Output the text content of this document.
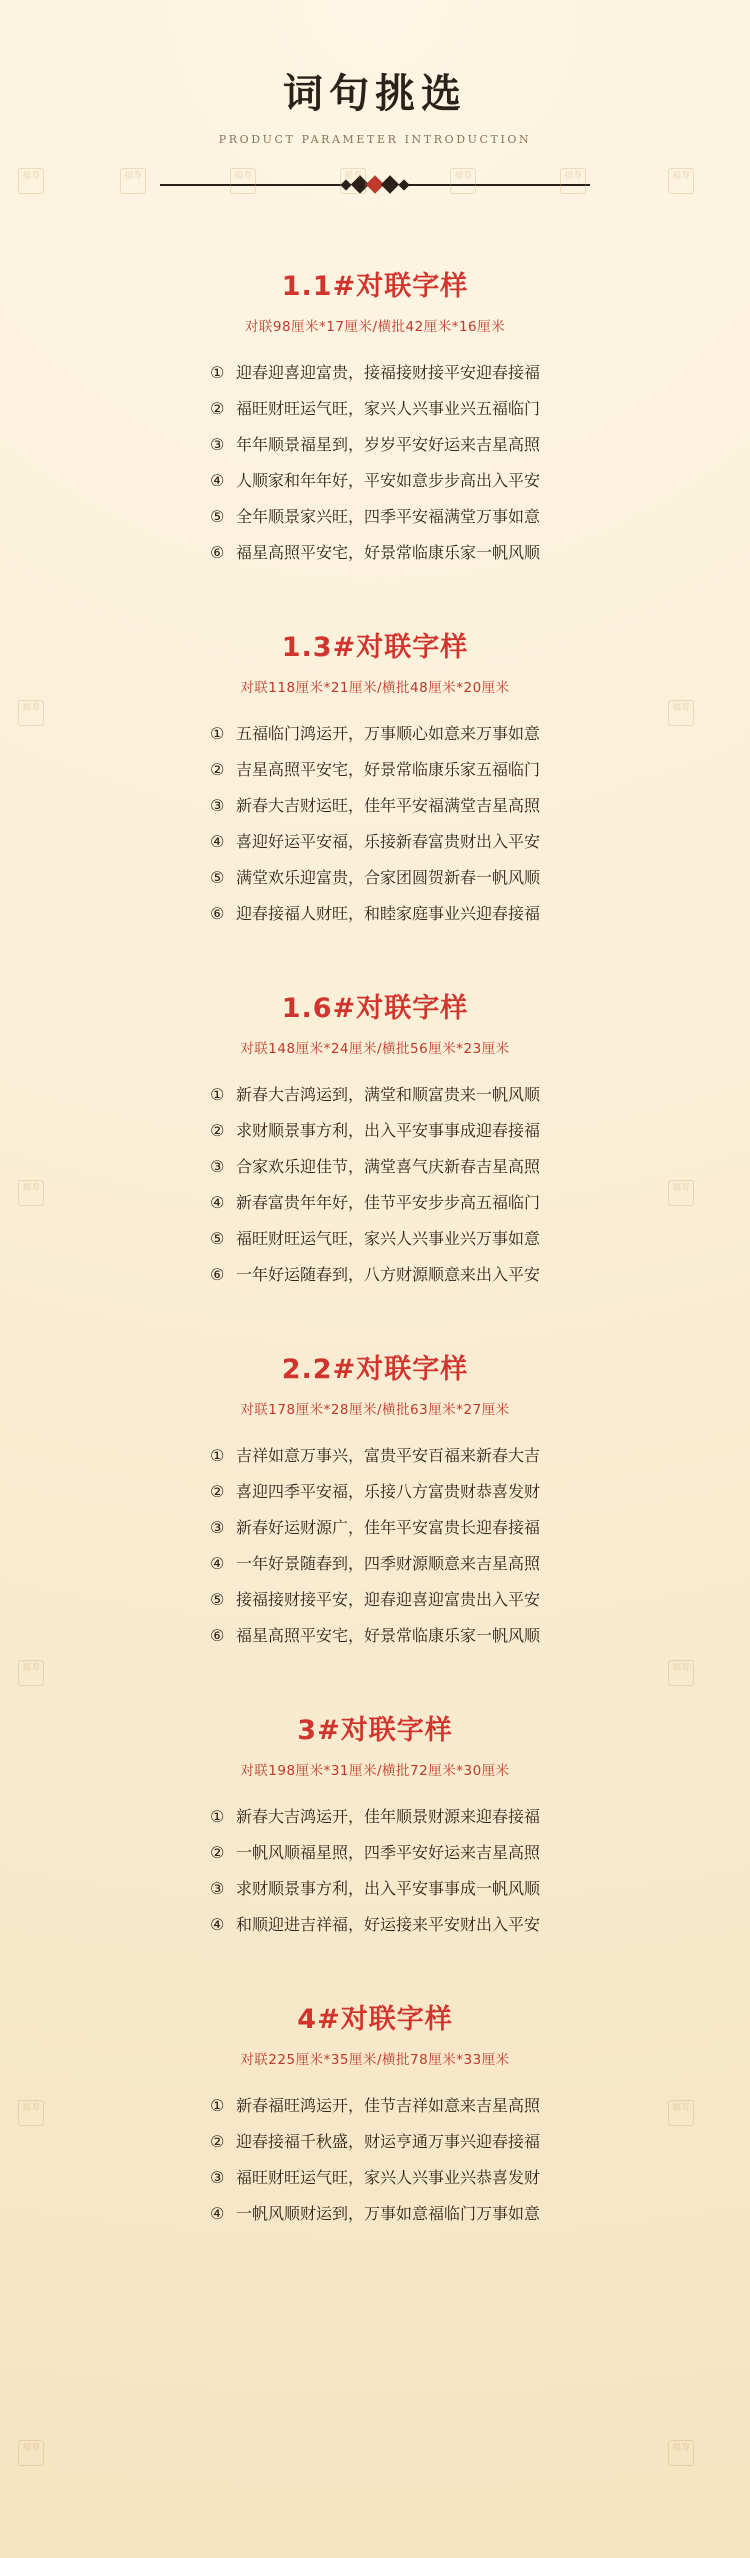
词句挑选
PRODUCT PARAMETER INTRODUCTION
福寿	福寿	福寿	福寿	福寿	福寿	福寿
福寿	福寿
福寿	福寿
福寿	福寿
福寿	福寿
福寿	福寿
1.1#对联字样
对联98厘米*17厘米/横批42厘米*16厘米
①	迎春迎喜迎富贵，	接福接财接平安	迎春接福
②	福旺财旺运气旺，	家兴人兴事业兴	五福临门
③	年年顺景福星到，	岁岁平安好运来	吉星高照
④	人顺家和年年好，	平安如意步步高	出入平安
⑤	全年顺景家兴旺，	四季平安福满堂	万事如意
⑥	福星高照平安宅，	好景常临康乐家	一帆风顺
1.3#对联字样
对联118厘米*21厘米/横批48厘米*20厘米
①	五福临门鸿运开，	万事顺心如意来	万事如意
②	吉星高照平安宅，	好景常临康乐家	五福临门
③	新春大吉财运旺，	佳年平安福满堂	吉星高照
④	喜迎好运平安福，	乐接新春富贵财	出入平安
⑤	满堂欢乐迎富贵，	合家团圆贺新春	一帆风顺
⑥	迎春接福人财旺，	和睦家庭事业兴	迎春接福
1.6#对联字样
对联148厘米*24厘米/横批56厘米*23厘米
①	新春大吉鸿运到，	满堂和顺富贵来	一帆风顺
②	求财顺景事方利，	出入平安事事成	迎春接福
③	合家欢乐迎佳节，	满堂喜气庆新春	吉星高照
④	新春富贵年年好，	佳节平安步步高	五福临门
⑤	福旺财旺运气旺，	家兴人兴事业兴	万事如意
⑥	一年好运随春到，	八方财源顺意来	出入平安
2.2#对联字样
对联178厘米*28厘米/横批63厘米*27厘米
①	吉祥如意万事兴，	富贵平安百福来	新春大吉
②	喜迎四季平安福，	乐接八方富贵财	恭喜发财
③	新春好运财源广，	佳年平安富贵长	迎春接福
④	一年好景随春到，	四季财源顺意来	吉星高照
⑤	接福接财接平安，	迎春迎喜迎富贵	出入平安
⑥	福星高照平安宅，	好景常临康乐家	一帆风顺
3#对联字样
对联198厘米*31厘米/横批72厘米*30厘米
①	新春大吉鸿运开，	佳年顺景财源来	迎春接福
②	一帆风顺福星照，	四季平安好运来	吉星高照
③	求财顺景事方利，	出入平安事事成	一帆风顺
④	和顺迎进吉祥福，	好运接来平安财	出入平安
4#对联字样
对联225厘米*35厘米/横批78厘米*33厘米
①	新春福旺鸿运开，	佳节吉祥如意来	吉星高照
②	迎春接福千秋盛，	财运亨通万事兴	迎春接福
③	福旺财旺运气旺，	家兴人兴事业兴	恭喜发财
④	一帆风顺财运到，	万事如意福临门	万事如意
